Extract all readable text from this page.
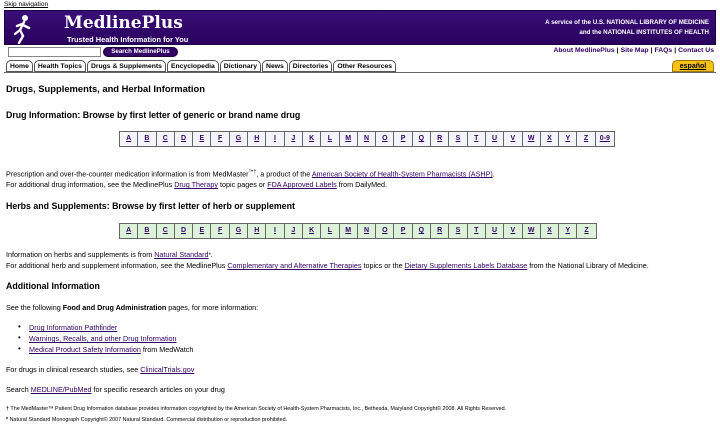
Skip navigation
MedlinePlus
Trusted Health Information for You
A service of the U.S. NATIONAL LIBRARY OF MEDICINE
and the NATIONAL INSTITUTES OF HEALTH
Search MedlinePlus	About MedlinePlus | Site Map | FAQs | Contact Us
Home	Health Topics	Drugs & Supplements	Encyclopedia	Dictionary	News	Directories	Other Resources	español
Drugs, Supplements, and Herbal Information
Drug Information: Browse by first letter of generic or brand name drug
A	B	C	D	E	F	G	H	I	J	K	L	M	N	O	P	Q	R	S	T	U	V	W	X	Y	Z	0-9

Prescription and over-the-counter medication information is from MedMaster™†, a product of the American Society of Health-System Pharmacists (ASHP).

For additional drug information, see the MedlinePlus Drug Therapy topic pages or FDA Approved Labels from DailyMed.

Herbs and Supplements: Browse by first letter of herb or supplement
A	B	C	D	E	F	G	H	I	J	K	L	M	N	O	P	Q	R	S	T	U	V	W	X	Y	Z

Information on herbs and supplements is from Natural Standard*.

For additional herb and supplement information, see the MedlinePlus Complementary and Alternative Therapies topics or the Dietary Supplements Labels Database from the National Library of Medicine.

Additional Information

See the following Food and Drug Administration pages, for more information:

• Drug Information Pathfinder
• Warnings, Recalls, and other Drug Information
• Medical Product Safety Information from MedWatch

For drugs in clinical research studies, see ClinicalTrials.gov

Search MEDLINE/PubMed for specific research articles on your drug

† The MedMaster™ Patient Drug Information database provides information copyrighted by the American Society of Health-System Pharmacists, Inc., Bethesda, Maryland Copyright© 2008. All Rights Reserved.

* Natural Standard Monograph Copyright© 2007 Natural Standard. Commercial distribution or reproduction prohibited.
